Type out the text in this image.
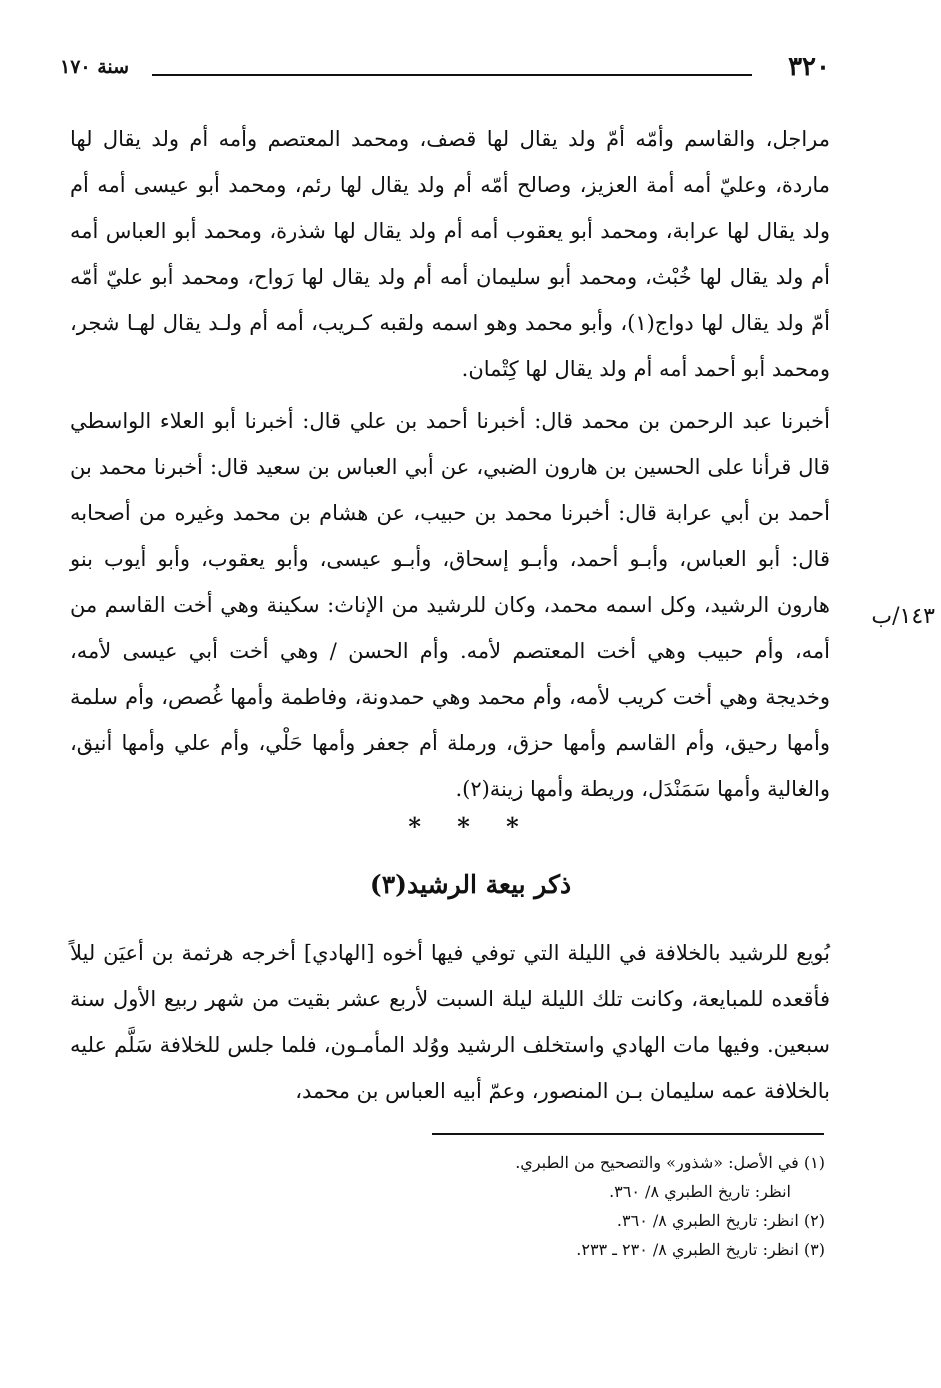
٣٢٠
سنة ١٧٠

مراجل، والقاسم وأمّه أمّ ولد يقال لها قصف، ومحمد المعتصم وأمه أم ولد يقال لها ماردة، وعليّ أمه أمة العزيز، وصالح أمّه أم ولد يقال لها رئم، ومحمد أبو عيسى أمه أم ولد يقال لها عرابة، ومحمد أبو يعقوب أمه أم ولد يقال لها شذرة، ومحمد أبو العباس أمه أم ولد يقال لها خُبْث، ومحمد أبو سليمان أمه أم ولد يقال لها رَواح، ومحمد أبو عليّ أمّه أمّ ولد يقال لها دواج(١)، وأبو محمد وهو اسمه ولقبه كـريب، أمه أم ولـد يقال لهـا شجر، ومحمد أبو أحمد أمه أم ولد يقال لها كِتْمان.

أخبرنا عبد الرحمن بن محمد قال: أخبرنا أحمد بن علي قال: أخبرنا أبو العلاء الواسطي قال قرأنا على الحسين بن هارون الضبي، عن أبي العباس بن سعيد قال: أخبرنا محمد بن أحمد بن أبي عرابة قال: أخبرنا محمد بن حبيب، عن هشام بن محمد وغيره من أصحابه قال: أبو العباس، وأبـو أحمد، وأبـو إسحاق، وأبـو عيسى، وأبو يعقوب، وأبو أيوب بنو هارون الرشيد، وكل اسمه محمد، وكان للرشيد من الإناث: سكينة وهي أخت القاسم من أمه، وأم حبيب وهي أخت المعتصم لأمه. وأم الحسن / وهي أخت أبي عيسى لأمه، وخديجة وهي أخت كريب لأمه، وأم محمد وهي حمدونة، وفاطمة وأمها غُصص، وأم سلمة وأمها رحيق، وأم القاسم وأمها حزق، ورملة أم جعفر وأمها حَلْي، وأم علي وأمها أنيق، والغالية وأمها سَمَنْدَل، وريطة وأمها زينة(٢).

١٤٣/ب
* * *
ذكر بيعة الرشيد(٣)

بُويع للرشيد بالخلافة في الليلة التي توفي فيها أخوه [الهادي] أخرجه هرثمة بن أعيَن ليلاً فأقعده للمبايعة، وكانت تلك الليلة ليلة السبت لأربع عشر بقيت من شهر ربيع الأول سنة سبعين. وفيها مات الهادي واستخلف الرشيد ووُلد المأمـون، فلما جلس للخلافة سَلَّم عليه بالخلافة عمه سليمان بـن المنصور، وعمّ أبيه العباس بن محمد،

(١) في الأصل: «شذور» والتصحيح من الطبري.

انظر: تاريخ الطبري ٨/ ٣٦٠.

(٢) انظر: تاريخ الطبري ٨/ ٣٦٠.

(٣) انظر: تاريخ الطبري ٨/ ٢٣٠ ـ ٢٣٣.
